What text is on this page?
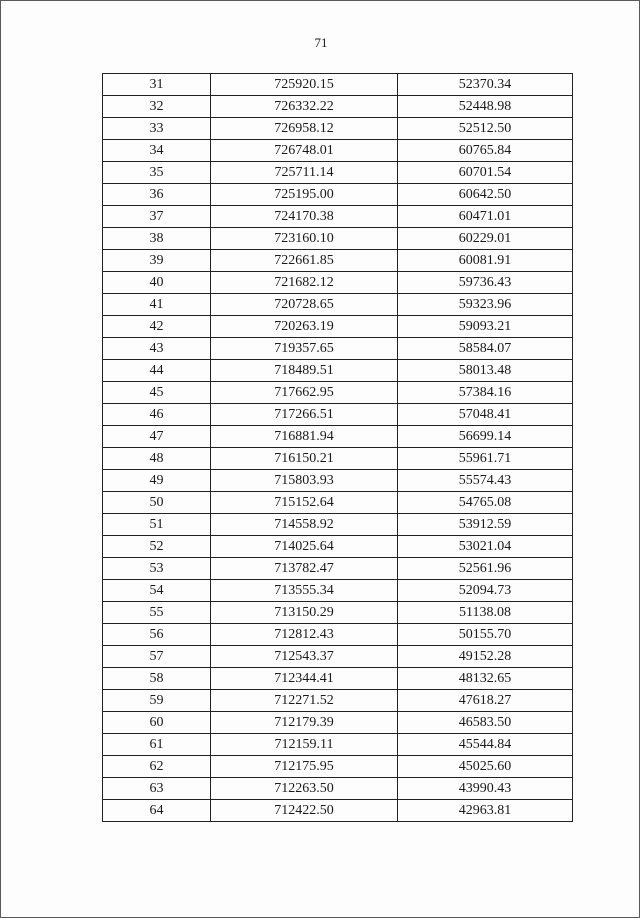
71
31	725920.15	52370.34
32	726332.22	52448.98
33	726958.12	52512.50
34	726748.01	60765.84
35	725711.14	60701.54
36	725195.00	60642.50
37	724170.38	60471.01
38	723160.10	60229.01
39	722661.85	60081.91
40	721682.12	59736.43
41	720728.65	59323.96
42	720263.19	59093.21
43	719357.65	58584.07
44	718489.51	58013.48
45	717662.95	57384.16
46	717266.51	57048.41
47	716881.94	56699.14
48	716150.21	55961.71
49	715803.93	55574.43
50	715152.64	54765.08
51	714558.92	53912.59
52	714025.64	53021.04
53	713782.47	52561.96
54	713555.34	52094.73
55	713150.29	51138.08
56	712812.43	50155.70
57	712543.37	49152.28
58	712344.41	48132.65
59	712271.52	47618.27
60	712179.39	46583.50
61	712159.11	45544.84
62	712175.95	45025.60
63	712263.50	43990.43
64	712422.50	42963.81
